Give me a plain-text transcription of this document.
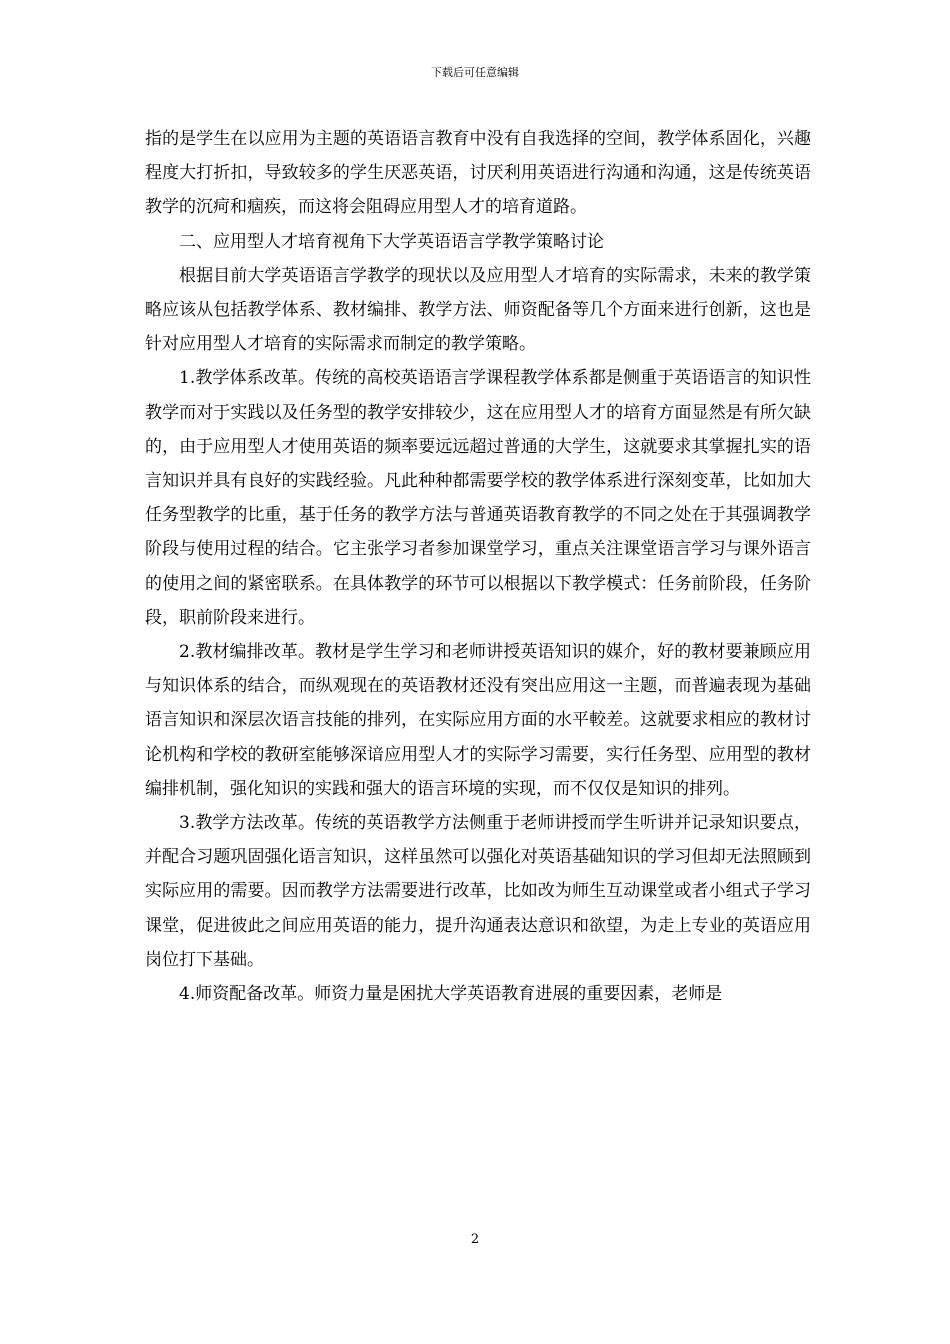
下载后可任意编辑

指的是学生在以应用为主题的英语语言教育中没有自我选择的空间，教学体系固化，兴趣程度大打折扣，导致较多的学生厌恶英语，讨厌利用英语进行沟通和沟通，这是传统英语教学的沉疴和痼疾，而这将会阻碍应用型人才的培育道路。

二、应用型人才培育视角下大学英语语言学教学策略讨论

根据目前大学英语语言学教学的现状以及应用型人才培育的实际需求，未来的教学策略应该从包括教学体系、教材编排、教学方法、师资配备等几个方面来进行创新，这也是针对应用型人才培育的实际需求而制定的教学策略。

1.教学体系改革。传统的高校英语语言学课程教学体系都是侧重于英语语言的知识性教学而对于实践以及任务型的教学安排较少，这在应用型人才的培育方面显然是有所欠缺的，由于应用型人才使用英语的频率要远远超过普通的大学生，这就要求其掌握扎实的语言知识并具有良好的实践经验。凡此种种都需要学校的教学体系进行深刻变革，比如加大任务型教学的比重，基于任务的教学方法与普通英语教育教学的不同之处在于其强调教学阶段与使用过程的结合。它主张学习者参加课堂学习，重点关注课堂语言学习与课外语言的使用之间的紧密联系。在具体教学的环节可以根据以下教学模式：任务前阶段，任务阶段，职前阶段来进行。

2.教材编排改革。教材是学生学习和老师讲授英语知识的媒介，好的教材要兼顾应用与知识体系的结合，而纵观现在的英语教材还没有突出应用这一主题，而普遍表现为基础语言知识和深层次语言技能的排列，在实际应用方面的水平較差。这就要求相应的教材讨论机构和学校的教研室能够深谙应用型人才的实际学习需要，实行任务型、应用型的教材编排机制，强化知识的实践和强大的语言环境的实现，而不仅仅是知识的排列。

3.教学方法改革。传统的英语教学方法侧重于老师讲授而学生听讲并记录知识要点，并配合习题巩固强化语言知识，这样虽然可以强化对英语基础知识的学习但却无法照顾到实际应用的需要。因而教学方法需要进行改革，比如改为师生互动课堂或者小组式子学习课堂，促进彼此之间应用英语的能力，提升沟通表达意识和欲望，为走上专业的英语应用岗位打下基础。

4.师资配备改革。师资力量是困扰大学英语教育进展的重要因素，老师是

2
